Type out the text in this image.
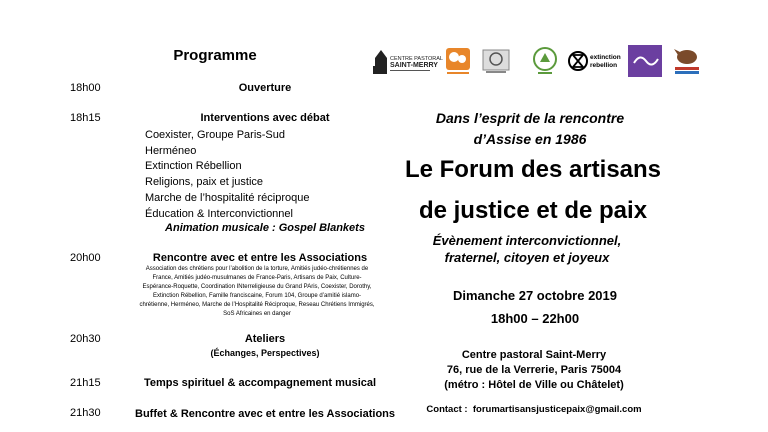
Programme
18h00	Ouverture
18h15	Interventions avec débat
Coexister, Groupe Paris-Sud
Herméneo
Extinction Rébellion
Religions, paix et justice
Marche de l’hospitalité réciproque
Éducation & Interconvictionnel
Animation musicale : Gospel Blankets
20h00	Rencontre avec et entre les Associations
Association des chrétiens pour l’abolition de la torture, Amitiés judéo-chrétiennes de
France, Amitiés judéo-musulmanes de France-Paris, Artisans de Paix, Culture-
Espérance-Roquette, Coordination INterreligieuse du Grand PAris, Coexister, Dorothy,
Extinction Rébellion, Famille franciscaine, Forum 104, Groupe d’amitié islamo-
chrétienne, Herméneo, Marche de l’Hospitalité Réciproque, Reseau Chrétiens Immigrés,
SoS Africaines en danger
20h30	Ateliers
(Échanges, Perspectives)
21h15	Temps spirituel & accompagnement musical
21h30	Buffet & Rencontre avec et entre les Associations
CENTRE PASTORAL
SAINT-MERRY
extinction
rebellion
Dans l’esprit de la rencontre
d’Assise en 1986
Le Forum des artisans
de justice et de paix
Évènement interconvictionnel,
fraternel, citoyen et joyeux
Dimanche 27 octobre 2019
18h00 – 22h00
Centre pastoral Saint-Merry
76, rue de la Verrerie, Paris 75004
(métro : Hôtel de Ville ou Châtelet)
Contact :  forumartisansjusticepaix@gmail.com
